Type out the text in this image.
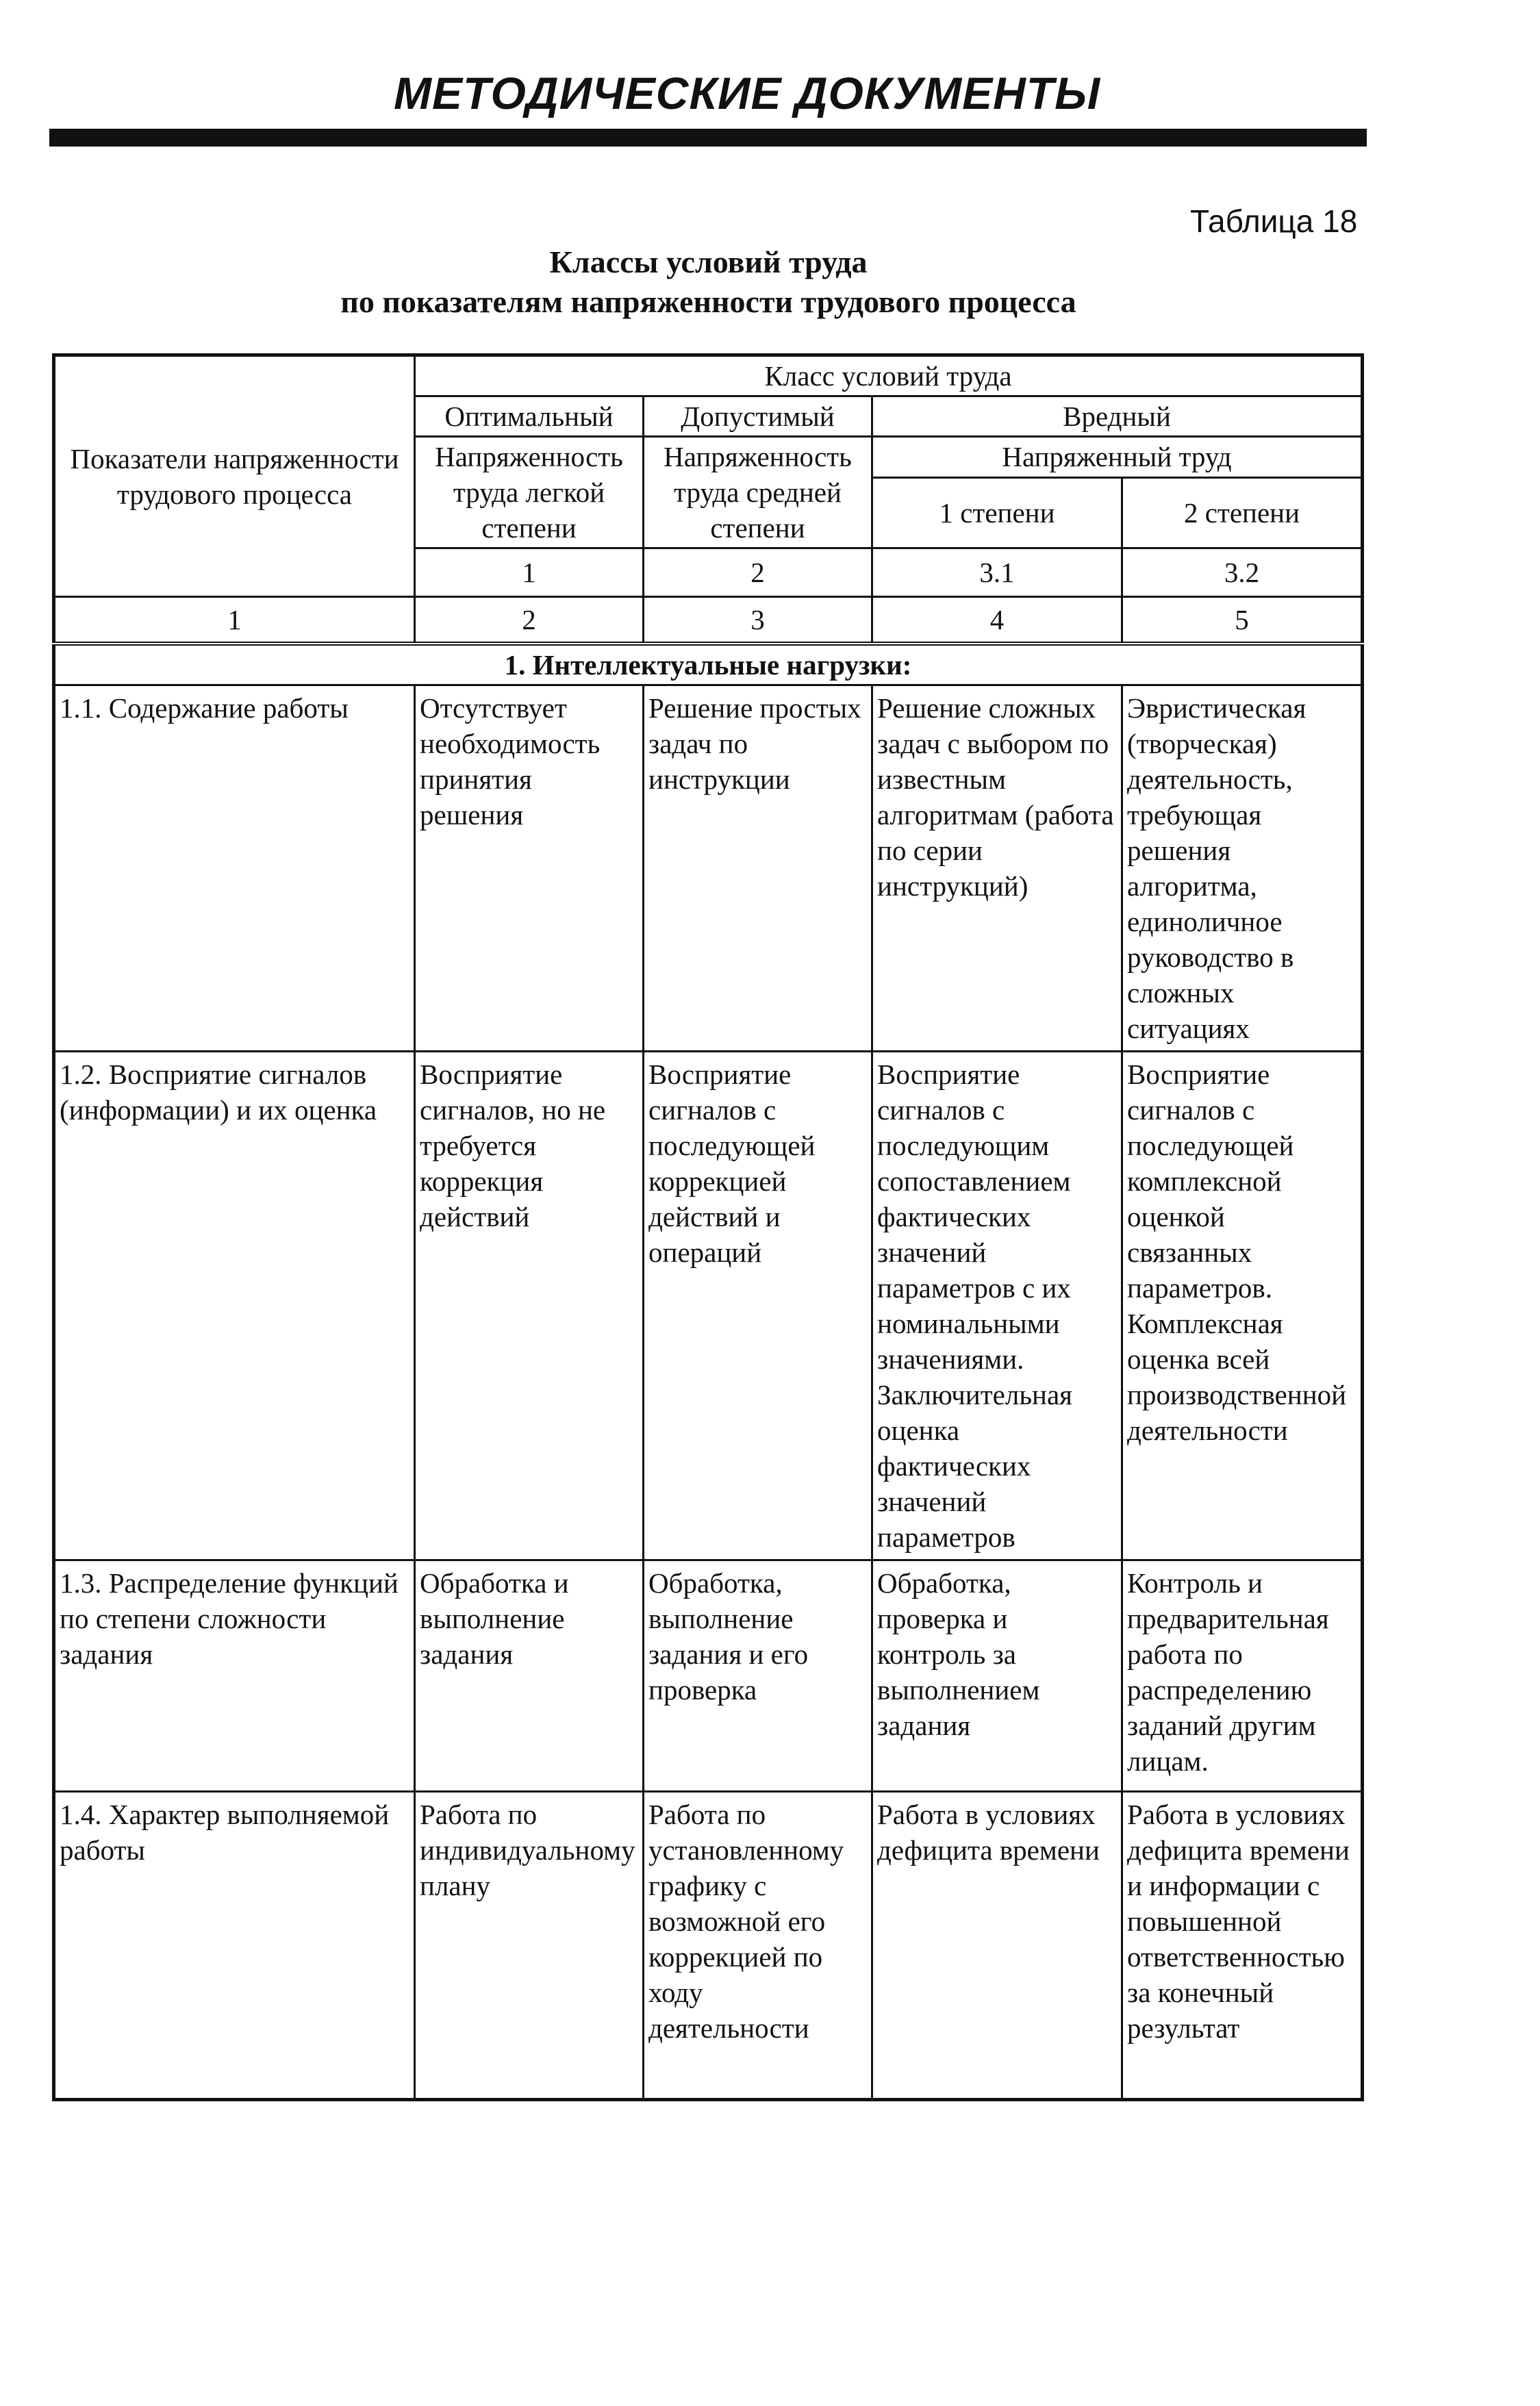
МЕТОДИЧЕСКИЕ ДОКУМЕНТЫ
Таблица 18
Классы условий труда
по показателям напряженности трудового процесса
Показатели напряженности трудового процесса	Класс условий труда			
	Оптимальный	Допустимый	Вредный	
	Напряженность труда легкой степени	Напряженность труда средней степени	Напряженный труд	
			1 степени	2 степени
	1	2	3.1	3.2
1	2	3	4	5
1. Интеллектуальные нагрузки:				
1.1. Содержание работы	Отсутствует необходимость принятия решения	Решение простых задач по инструкции	Решение сложных задач с выбором по известным алгоритмам (работа по серии инструкций)	Эвристическая (творческая) деятельность, требующая решения алгоритма, единоличное руководство в сложных ситуациях
1.2. Восприятие сигналов (информации) и их оценка	Восприятие сигналов, но не требуется коррекция действий	Восприятие сигналов с последующей коррекцией действий и операций	Восприятие сигналов с последующим сопоставлением фактических значений параметров с их номинальными значениями. Заключительная оценка фактических значений параметров	Восприятие сигналов с последующей комплексной оценкой связанных параметров. Комплексная оценка всей производственной деятельности
1.3. Распределение функций по степени сложности задания	Обработка и выполнение задания	Обработка, выполнение задания и его проверка	Обработка, проверка и контроль за выполнением задания	Контроль и предварительная работа по распределению заданий другим лицам.
1.4. Характер выполняемой работы	Работа по индивидуальному плану	Работа по установленному графику с возможной его коррекцией по ходу деятельности	Работа в условиях дефицита времени	Работа в условиях дефицита времени и информации с повышенной ответственностью за конечный результат
